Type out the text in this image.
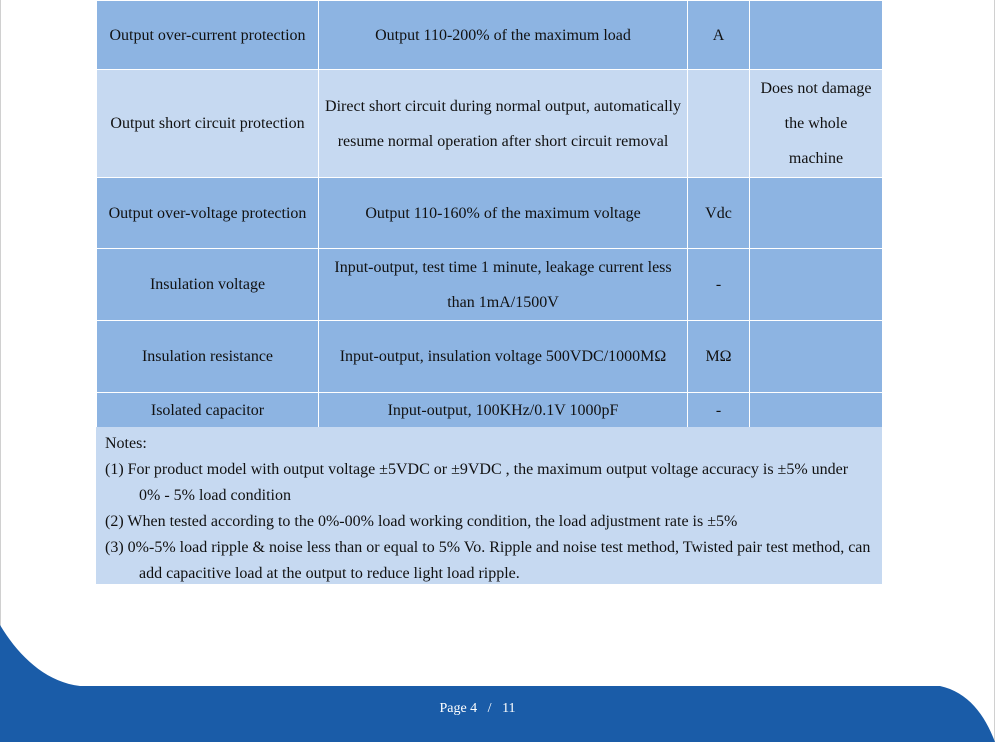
Output over-current protection	Output 110-200% of the maximum load	A	
Output short circuit protection	Direct short circuit during normal output, automatically resume normal operation after short circuit removal		Does not damage the whole machine
Output over-voltage protection	Output 110-160% of the maximum voltage	Vdc	
Insulation voltage	Input-output, test time 1 minute, leakage current less than 1mA/1500V	-	
Insulation resistance	Input-output, insulation voltage 500VDC/1000MΩ	MΩ	
Isolated capacitor	Input-output, 100KHz/0.1V 1000pF	-	
Notes:
(1) For product model with output voltage ±5VDC or ±9VDC , the maximum output voltage accuracy is ±5% under 0% - 5% load condition
(2) When tested according to the 0%-00% load working condition, the load adjustment rate is ±5%
(3) 0%-5% load ripple & noise less than or equal to 5% Vo. Ripple and noise test method, Twisted pair test method, can add capacitive load at the output to reduce light load ripple.
Page 4 / 11
